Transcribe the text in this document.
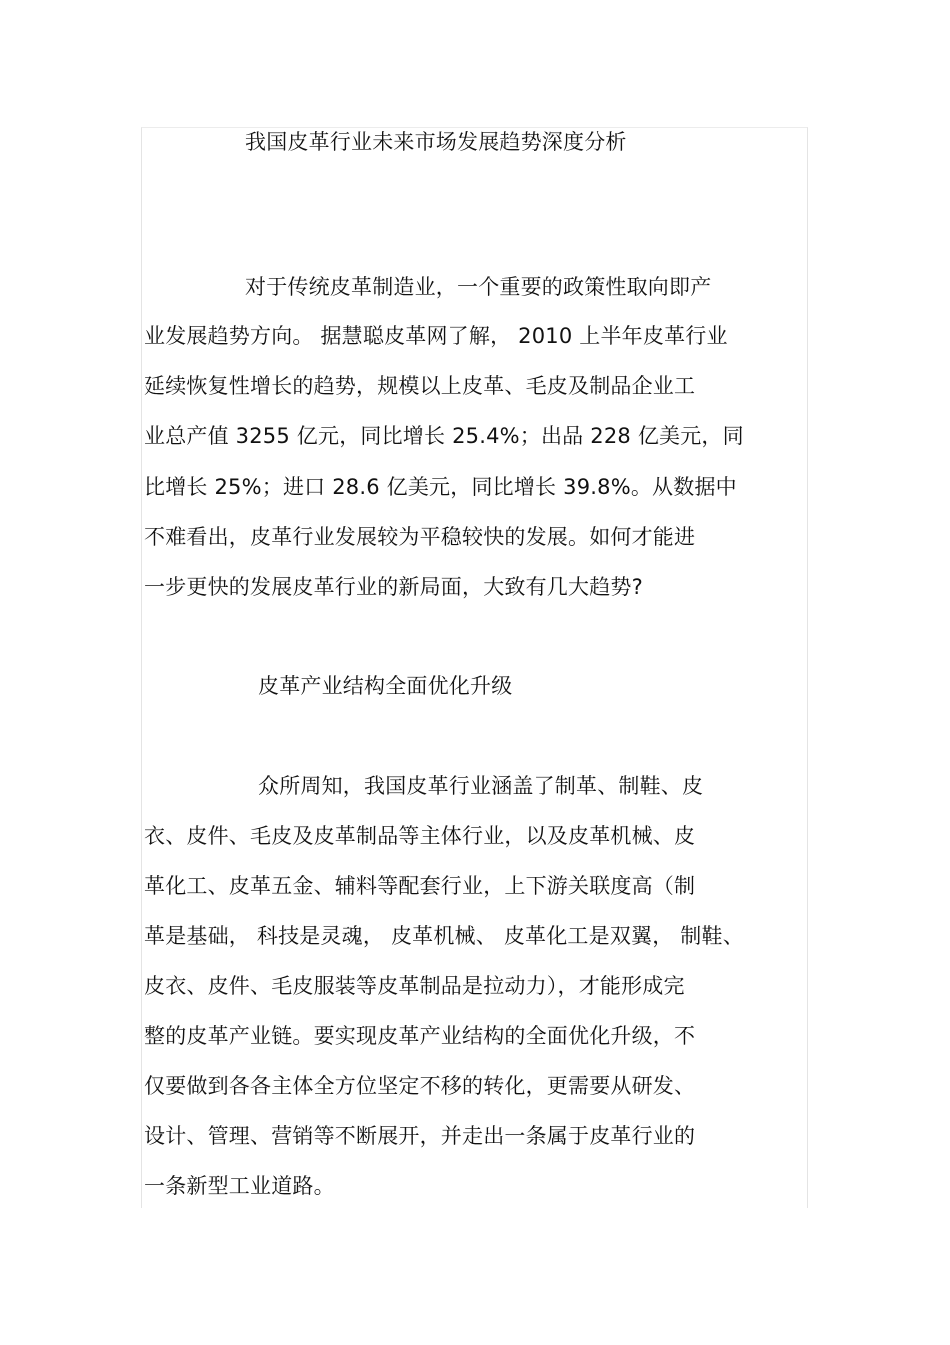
我国皮革行业未来市场发展趋势深度分析
对于传统皮革制造业，一个重要的政策性取向即产
业发展趋势方向。 据慧聪皮革网了解， 2010 上半年皮革行业
延续恢复性增长的趋势，规模以上皮革、毛皮及制品企业工
业总产值 3255 亿元，同比增长 25.4%；出品 228 亿美元，同
比增长 25%；进口 28.6 亿美元，同比增长 39.8%。从数据中
不难看出，皮革行业发展较为平稳较快的发展。如何才能进
一步更快的发展皮革行业的新局面，大致有几大趋势?
皮革产业结构全面优化升级
众所周知，我国皮革行业涵盖了制革、制鞋、皮
衣、皮件、毛皮及皮革制品等主体行业，以及皮革机械、皮
革化工、皮革五金、辅料等配套行业，上下游关联度高（制
革是基础， 科技是灵魂， 皮革机械、 皮革化工是双翼， 制鞋、
皮衣、皮件、毛皮服装等皮革制品是拉动力），才能形成完
整的皮革产业链。要实现皮革产业结构的全面优化升级，不
仅要做到各各主体全方位坚定不移的转化，更需要从研发、
设计、管理、营销等不断展开，并走出一条属于皮革行业的
一条新型工业道路。
